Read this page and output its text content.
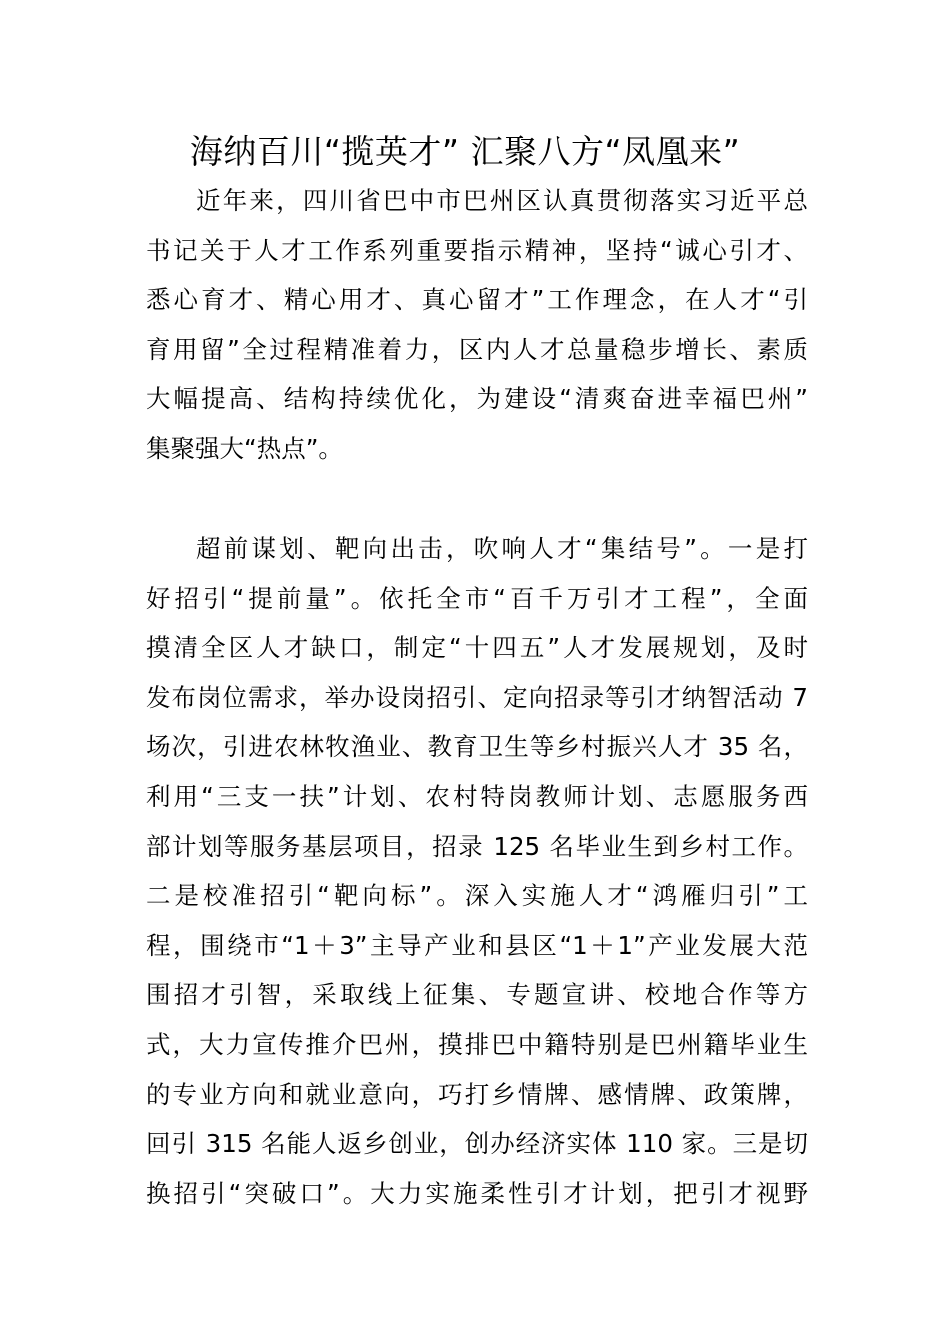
海纳百川“揽英才” 汇聚八方“凤凰来”
近年来，四川省巴中市巴州区认真贯彻落实习近平总
书记关于人才工作系列重要指示精神，坚持“诚心引才、
悉心育才、精心用才、真心留才”工作理念，在人才“引
育用留”全过程精准着力，区内人才总量稳步增长、素质
大幅提高、结构持续优化，为建设“清爽奋进幸福巴州”
集聚强大“热点”。
超前谋划、靶向出击，吹响人才“集结号”。一是打
好招引“提前量”。依托全市“百千万引才工程”，全面
摸清全区人才缺口，制定“十四五”人才发展规划，及时
发布岗位需求，举办设岗招引、定向招录等引才纳智活动 7
场次，引进农林牧渔业、教育卫生等乡村振兴人才 35 名，
利用“三支一扶”计划、农村特岗教师计划、志愿服务西
部计划等服务基层项目，招录 125 名毕业生到乡村工作。
二是校准招引“靶向标”。深入实施人才“鸿雁归引”工
程，围绕市“1＋3”主导产业和县区“1＋1”产业发展大范
围招才引智，采取线上征集、专题宣讲、校地合作等方
式，大力宣传推介巴州，摸排巴中籍特别是巴州籍毕业生
的专业方向和就业意向，巧打乡情牌、感情牌、政策牌，
回引 315 名能人返乡创业，创办经济实体 110 家。三是切
换招引“突破口”。大力实施柔性引才计划，把引才视野
